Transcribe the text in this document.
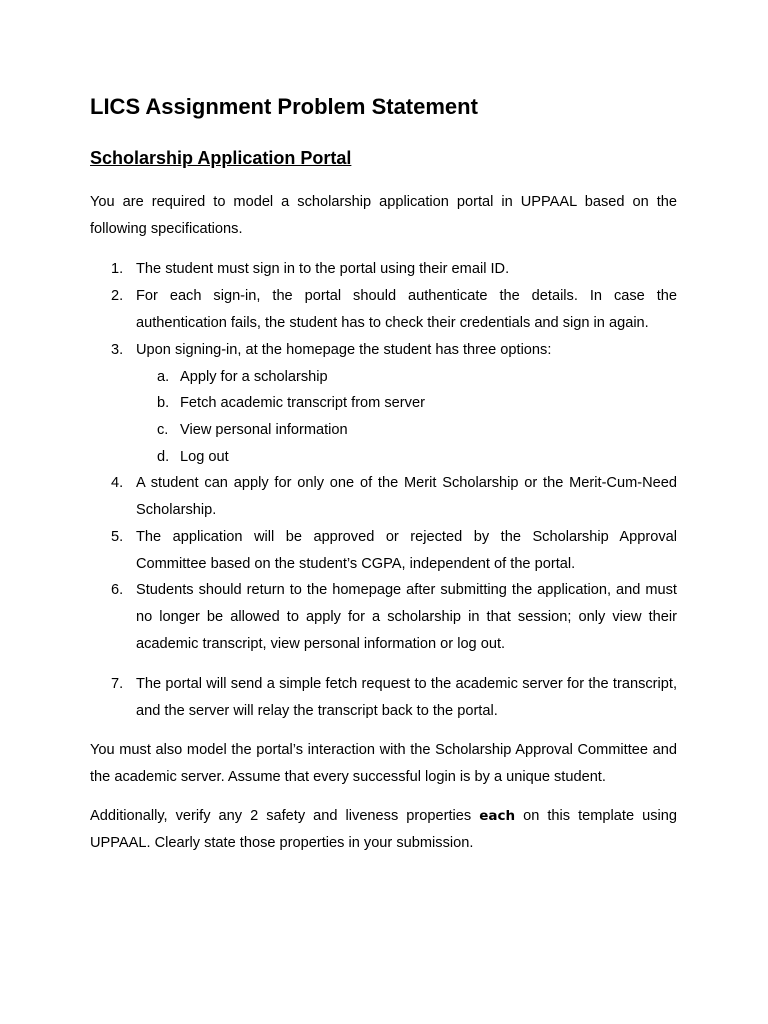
LICS Assignment Problem Statement
Scholarship Application Portal

You are required to model a scholarship application portal in UPPAAL based on the following specifications.

1. The student must sign in to the portal using their email ID.
2. For each sign-in, the portal should authenticate the details. In case the authentication fails, the student has to check their credentials and sign in again.
3. Upon signing-in, at the homepage the student has three options:
a. Apply for a scholarship
b. Fetch academic transcript from server
c. View personal information
d. Log out
4. A student can apply for only one of the Merit Scholarship or the Merit-Cum-Need Scholarship.
5. The application will be approved or rejected by the Scholarship Approval Committee based on the student’s CGPA, independent of the portal.
6. Students should return to the homepage after submitting the application, and must no longer be allowed to apply for a scholarship in that session; only view their academic transcript, view personal information or log out.
7. The portal will send a simple fetch request to the academic server for the transcript, and the server will relay the transcript back to the portal.

You must also model the portal’s interaction with the Scholarship Approval Committee and the academic server. Assume that every successful login is by a unique student.

Additionally, verify any 2 safety and liveness properties each on this template using UPPAAL. Clearly state those properties in your submission.
